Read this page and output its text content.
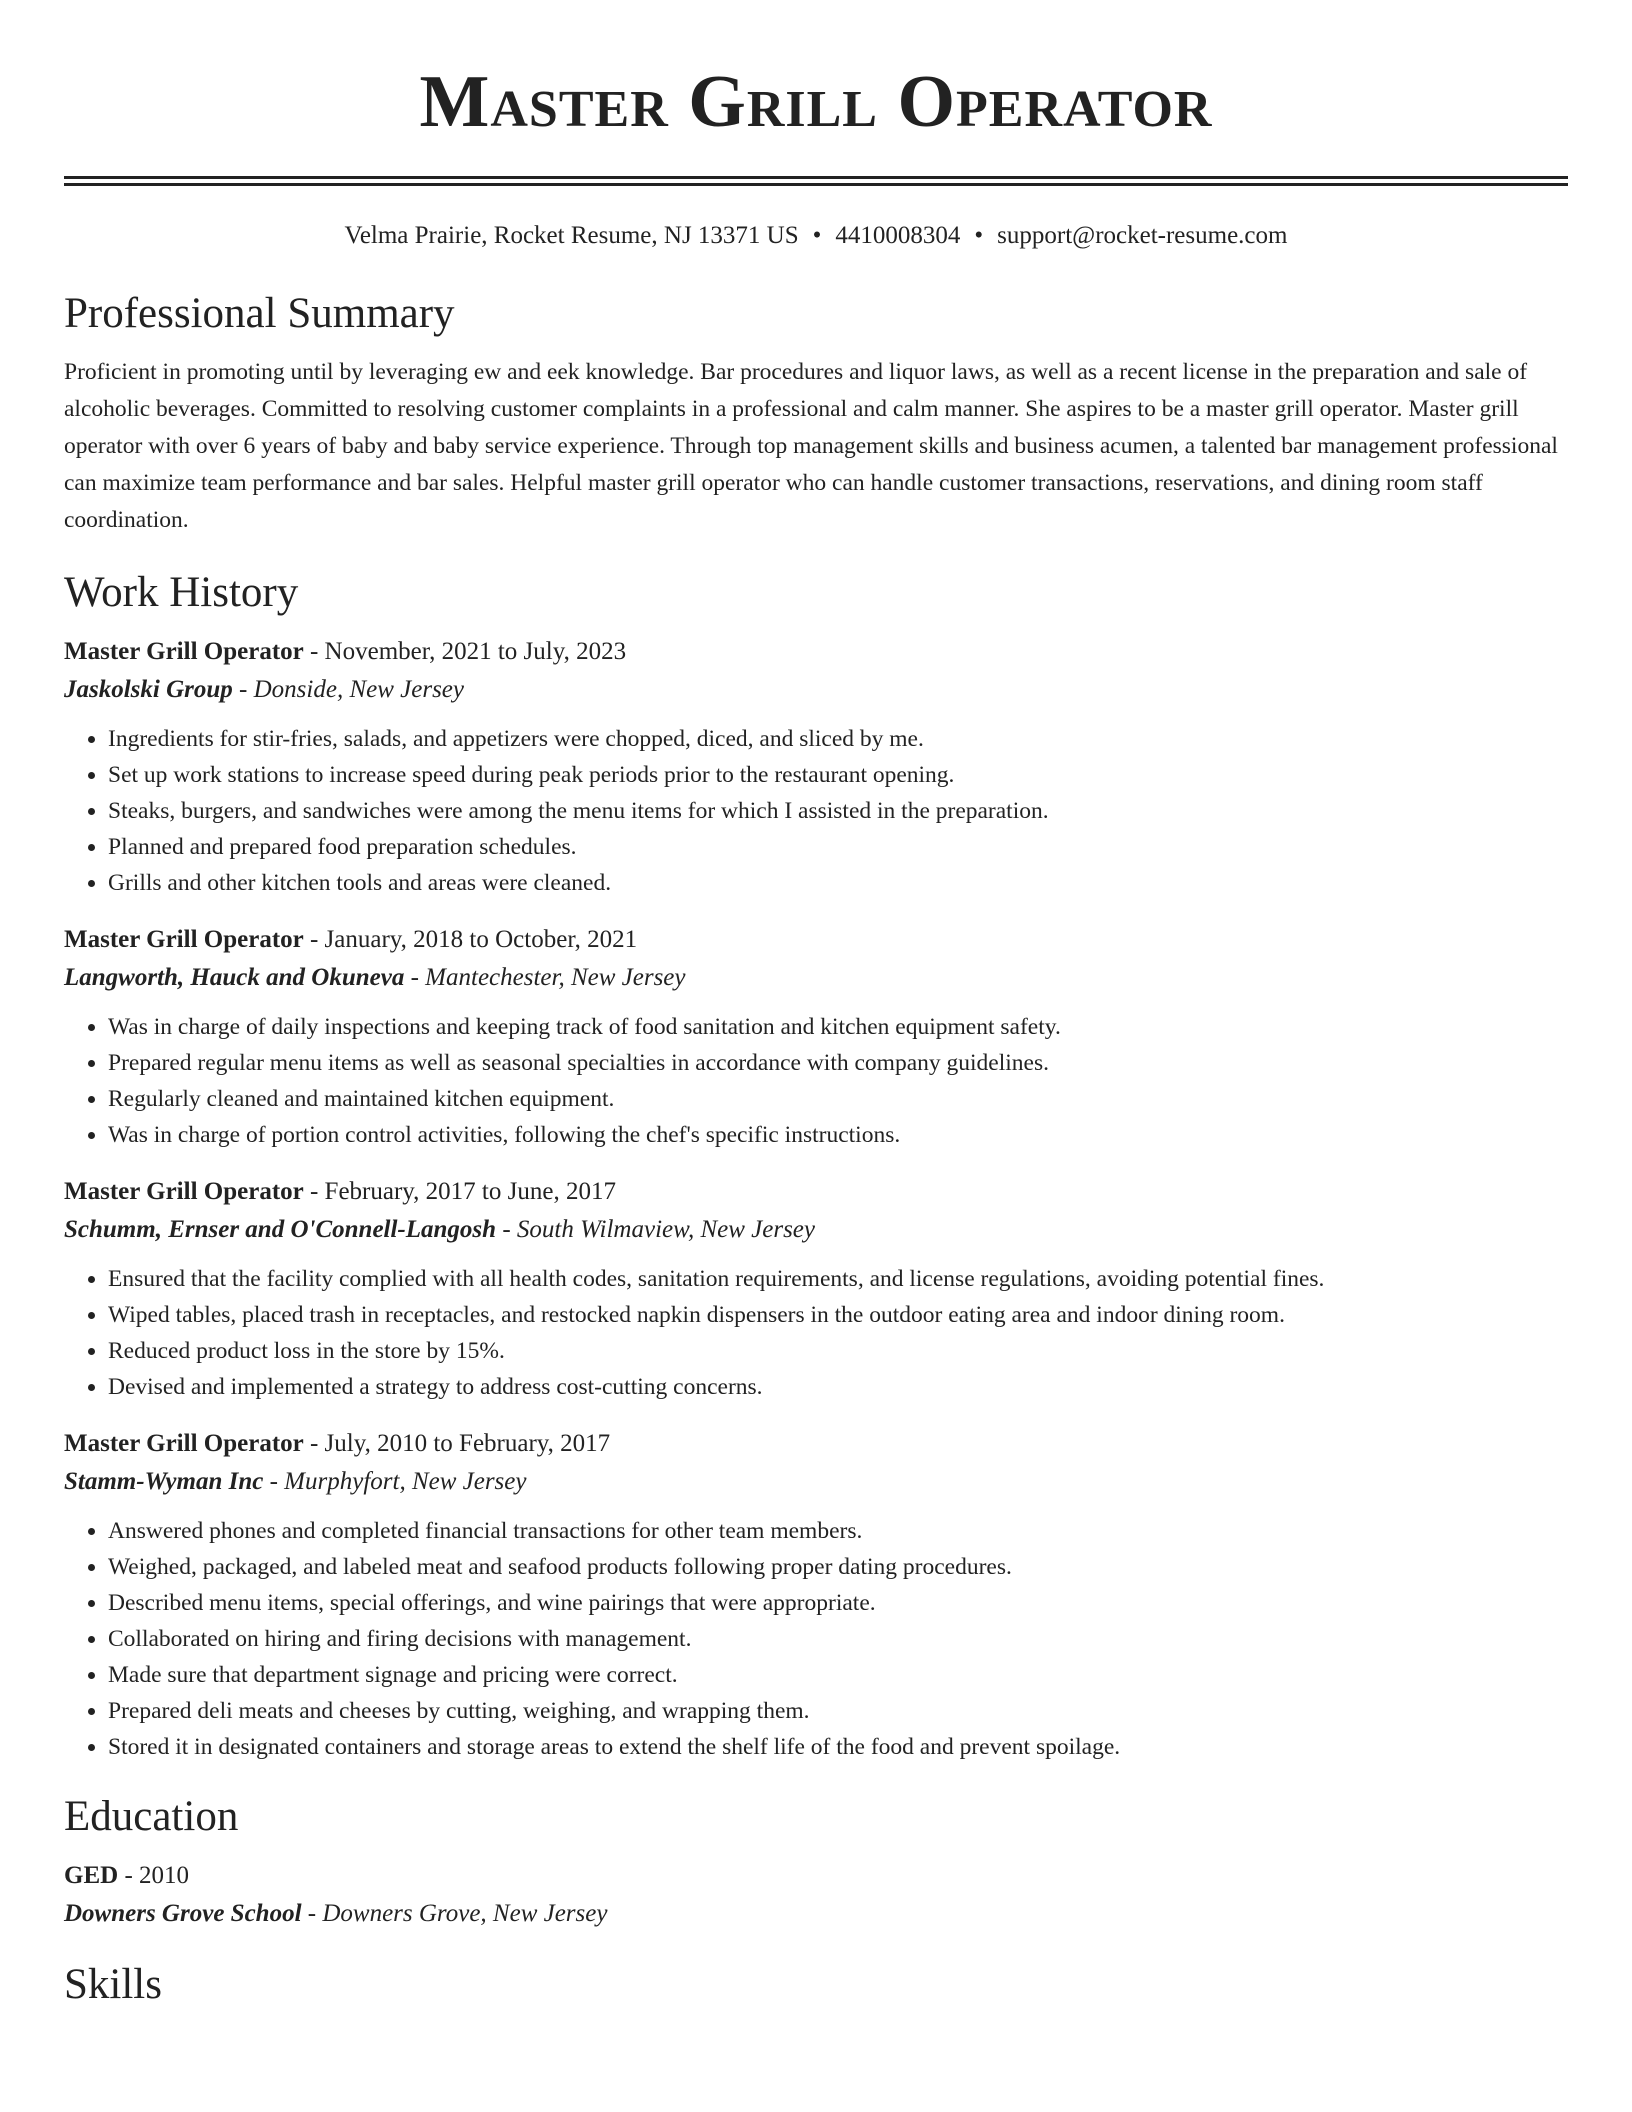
Master Grill Operator
Velma Prairie, Rocket Resume, NJ 13371 US • 4410008304 • support@rocket-resume.com
Professional Summary

Proficient in promoting until by leveraging ew and eek knowledge. Bar procedures and liquor laws, as well as a recent license in the preparation and sale of alcoholic beverages. Committed to resolving customer complaints in a professional and calm manner. She aspires to be a master grill operator. Master grill operator with over 6 years of baby and baby service experience. Through top management skills and business acumen, a talented bar management professional can maximize team performance and bar sales. Helpful master grill operator who can handle customer transactions, reservations, and dining room staff coordination.

Work History
Master Grill Operator - November, 2021 to July, 2023
Jaskolski Group - Donside, New Jersey
• Ingredients for stir-fries, salads, and appetizers were chopped, diced, and sliced by me.
• Set up work stations to increase speed during peak periods prior to the restaurant opening.
• Steaks, burgers, and sandwiches were among the menu items for which I assisted in the preparation.
• Planned and prepared food preparation schedules.
• Grills and other kitchen tools and areas were cleaned.
Master Grill Operator - January, 2018 to October, 2021
Langworth, Hauck and Okuneva - Mantechester, New Jersey
• Was in charge of daily inspections and keeping track of food sanitation and kitchen equipment safety.
• Prepared regular menu items as well as seasonal specialties in accordance with company guidelines.
• Regularly cleaned and maintained kitchen equipment.
• Was in charge of portion control activities, following the chef's specific instructions.
Master Grill Operator - February, 2017 to June, 2017
Schumm, Ernser and O'Connell-Langosh - South Wilmaview, New Jersey
• Ensured that the facility complied with all health codes, sanitation requirements, and license regulations, avoiding potential fines.
• Wiped tables, placed trash in receptacles, and restocked napkin dispensers in the outdoor eating area and indoor dining room.
• Reduced product loss in the store by 15%.
• Devised and implemented a strategy to address cost-cutting concerns.
Master Grill Operator - July, 2010 to February, 2017
Stamm-Wyman Inc - Murphyfort, New Jersey
• Answered phones and completed financial transactions for other team members.
• Weighed, packaged, and labeled meat and seafood products following proper dating procedures.
• Described menu items, special offerings, and wine pairings that were appropriate.
• Collaborated on hiring and firing decisions with management.
• Made sure that department signage and pricing were correct.
• Prepared deli meats and cheeses by cutting, weighing, and wrapping them.
• Stored it in designated containers and storage areas to extend the shelf life of the food and prevent spoilage.
Education
GED - 2010
Downers Grove School - Downers Grove, New Jersey
Skills
